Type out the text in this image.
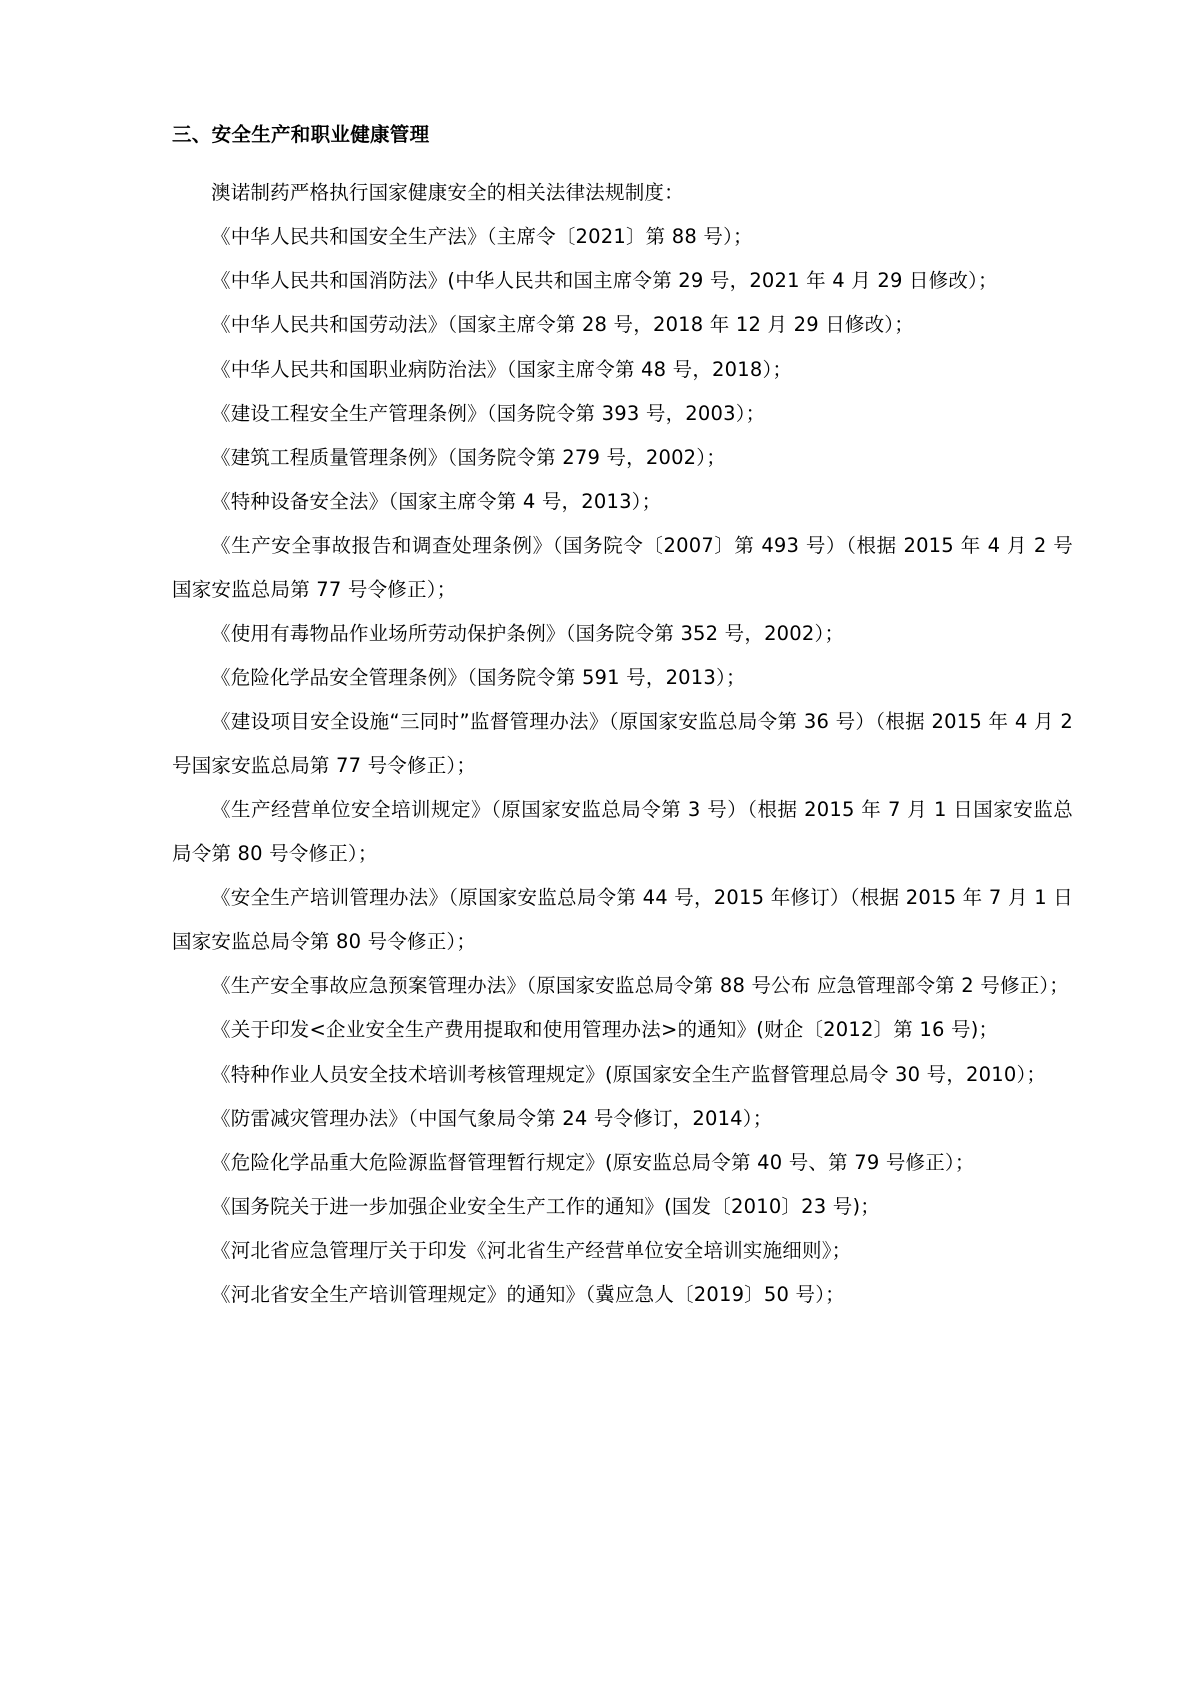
三、安全生产和职业健康管理

澳诺制药严格执行国家健康安全的相关法律法规制度：

《中华人民共和国安全生产法》（主席令〔2021〕第 88 号）；

《中华人民共和国消防法》(中华人民共和国主席令第 29 号，2021 年 4 月 29 日修改）；

《中华人民共和国劳动法》（国家主席令第 28 号，2018 年 12 月 29 日修改）；

《中华人民共和国职业病防治法》（国家主席令第 48 号，2018）；

《建设工程安全生产管理条例》（国务院令第 393 号，2003）；

《建筑工程质量管理条例》（国务院令第 279 号，2002）；

《特种设备安全法》（国家主席令第 4 号，2013）；

《生产安全事故报告和调查处理条例》（国务院令〔2007〕第 493 号）（根据 2015 年 4 月 2 号国家安监总局第 77 号令修正）；

《使用有毒物品作业场所劳动保护条例》（国务院令第 352 号，2002）；

《危险化学品安全管理条例》（国务院令第 591 号，2013）；

《建设项目安全设施“三同时”监督管理办法》（原国家安监总局令第 36 号）（根据 2015 年 4 月 2 号国家安监总局第 77 号令修正）；

《生产经营单位安全培训规定》（原国家安监总局令第 3 号）（根据 2015 年 7 月 1 日国家安监总局令第 80 号令修正）；

《安全生产培训管理办法》（原国家安监总局令第 44 号，2015 年修订）（根据 2015 年 7 月 1 日国家安监总局令第 80 号令修正）；

《生产安全事故应急预案管理办法》（原国家安监总局令第 88 号公布 应急管理部令第 2 号修正）；

《关于印发<企业安全生产费用提取和使用管理办法>的通知》(财企〔2012〕第 16 号)；

《特种作业人员安全技术培训考核管理规定》(原国家安全生产监督管理总局令 30 号，2010）；

《防雷减灾管理办法》（中国气象局令第 24 号令修订，2014）；

《危险化学品重大危险源监督管理暂行规定》(原安监总局令第 40 号、第 79 号修正）；

《国务院关于进一步加强企业安全生产工作的通知》(国发〔2010〕23 号)；

《河北省应急管理厅关于印发《河北省生产经营单位安全培训实施细则》；

《河北省安全生产培训管理规定》的通知》（冀应急人〔2019〕50 号）；
